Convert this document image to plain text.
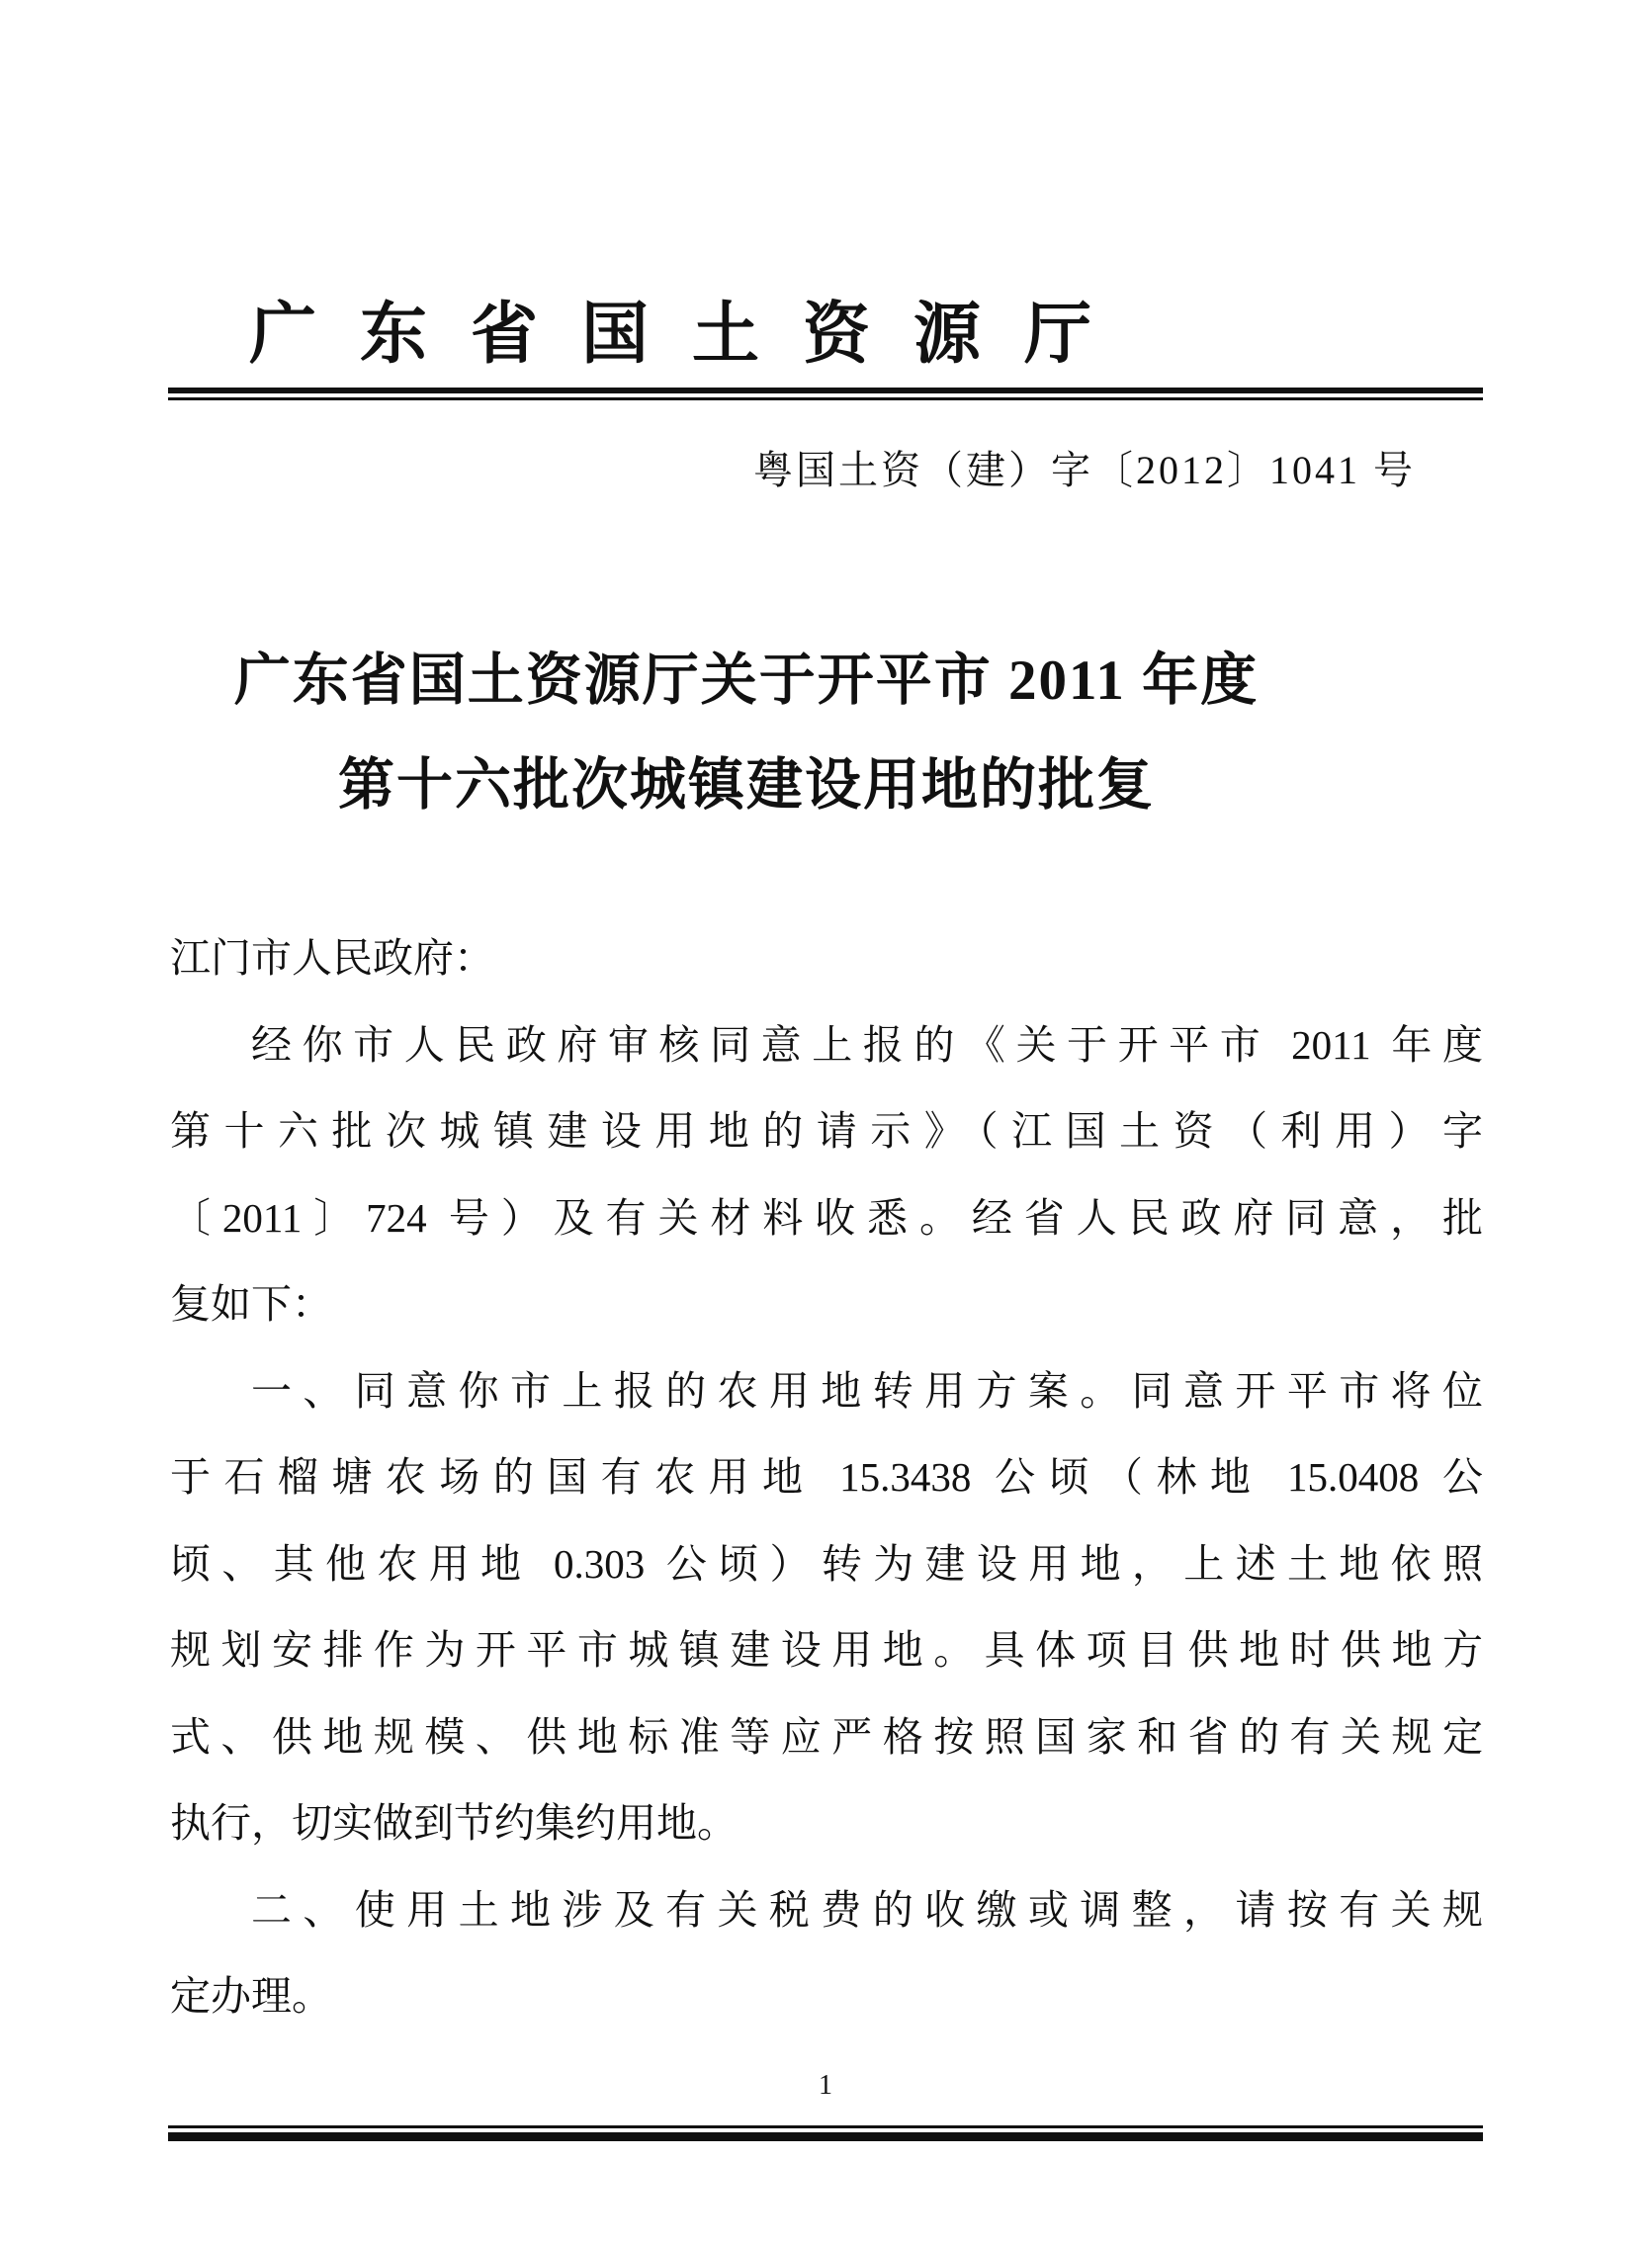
广东省国土资源厅
粤国土资（建）字〔2012〕1041 号
广东省国土资源厅关于开平市 2011 年度
第十六批次城镇建设用地的批复
江门市人民政府：
经你市人民政府审核同意上报的《关于开平市 2011 年度
第十六批次城镇建设用地的请示》（江国土资（利用）字
〔2011〕724 号）及有关材料收悉。经省人民政府同意，批
复如下：
一、同意你市上报的农用地转用方案。同意开平市将位
于石榴塘农场的国有农用地 15.3438 公顷（林地 15.0408 公
顷、其他农用地 0.303 公顷）转为建设用地，上述土地依照
规划安排作为开平市城镇建设用地。具体项目供地时供地方
式、供地规模、供地标准等应严格按照国家和省的有关规定
执行，切实做到节约集约用地。
二、使用土地涉及有关税费的收缴或调整，请按有关规
定办理。
1
